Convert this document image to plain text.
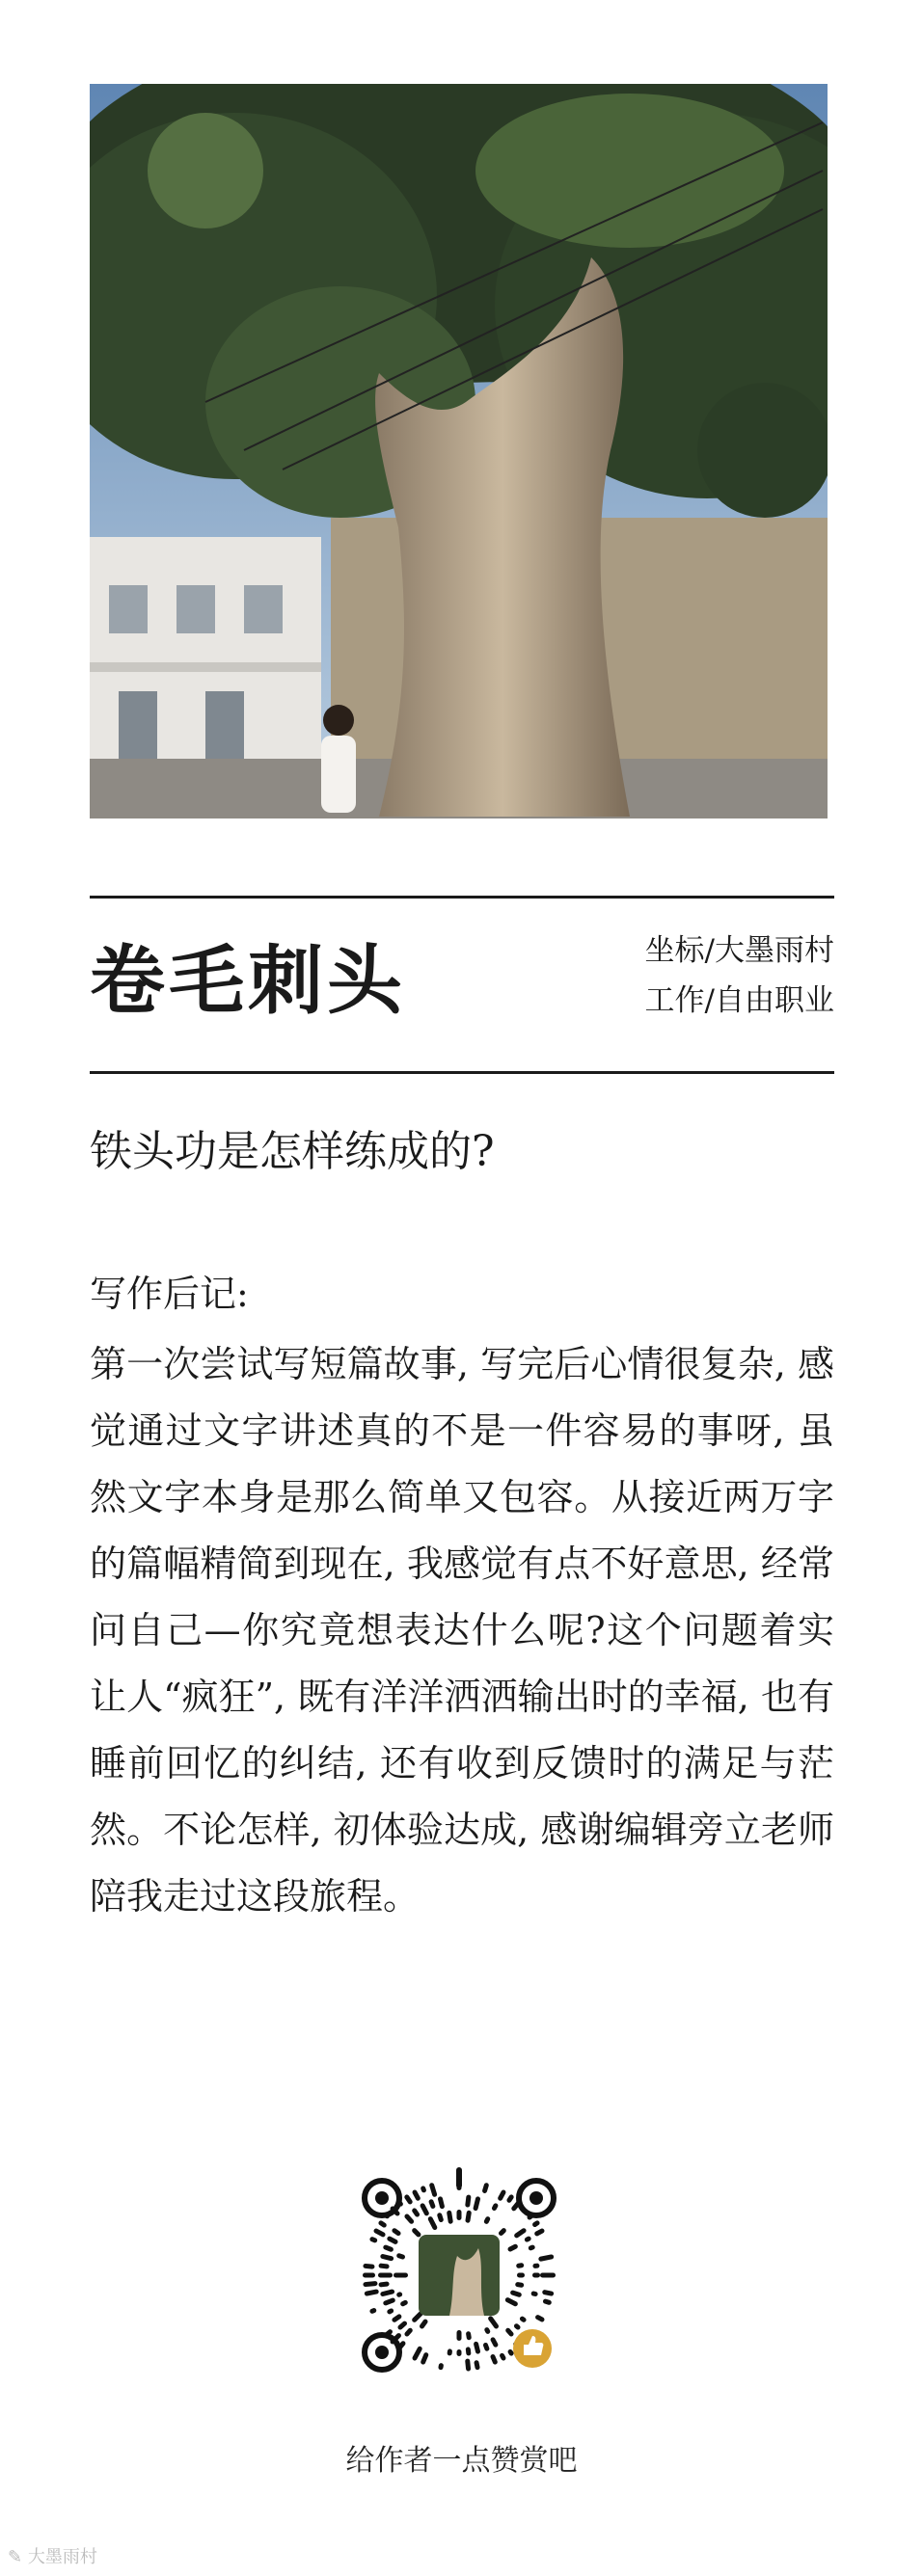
卷毛刺头	坐标/大墨雨村
工作/自由职业
铁头功是怎样练成的?
写作后记:
第一次尝试写短篇故事, 写完后心情很复杂, 感觉通过文字讲述真的不是一件容易的事呀, 虽然文字本身是那么简单又包容。从接近两万字的篇幅精简到现在, 我感觉有点不好意思, 经常问自己—你究竟想表达什么呢?这个问题着实让人“疯狂”, 既有洋洋洒洒输出时的幸福, 也有睡前回忆的纠结, 还有收到反馈时的满足与茫然。不论怎样, 初体验达成, 感谢编辑旁立老师陪我走过这段旅程。
给作者一点赞赏吧
✎ 大墨雨村
